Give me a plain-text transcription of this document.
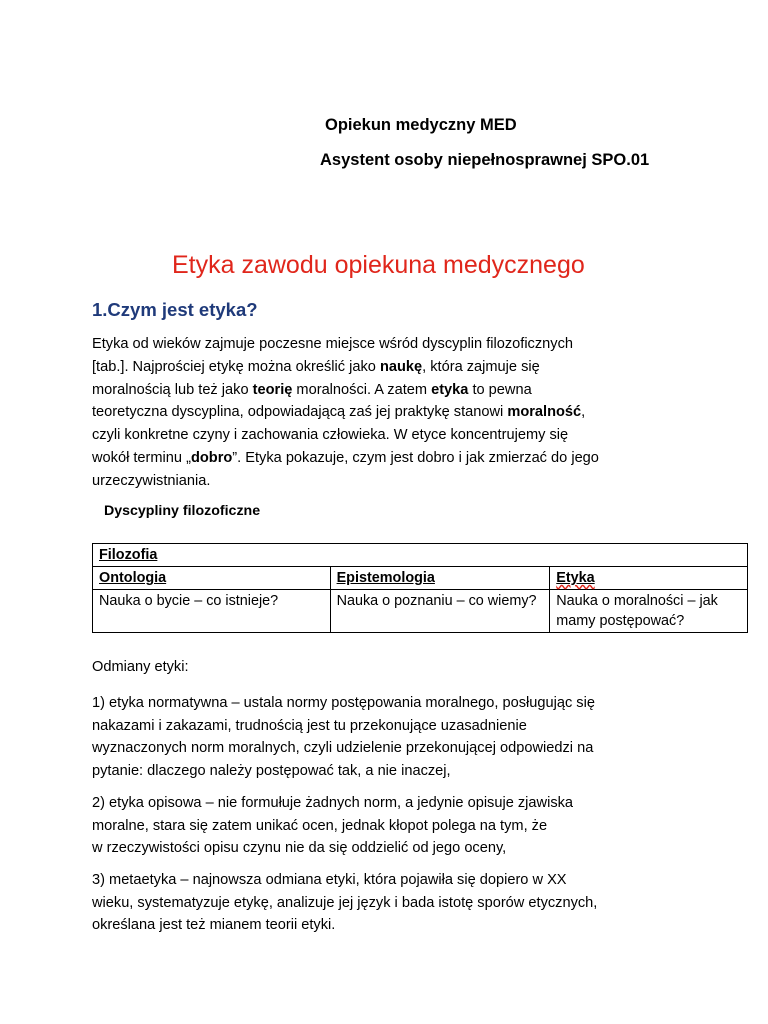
Opiekun medyczny MED
Asystent osoby niepełnosprawnej SPO.01
Etyka zawodu opiekuna medycznego
1.Czym jest etyka?
Etyka od wieków zajmuje poczesne miejsce wśród dyscyplin filozoficznych
[tab.]. Najprościej etykę można określić jako naukę, która zajmuje się
moralnością lub też jako teorię moralności. A zatem etyka to pewna
teoretyczna dyscyplina, odpowiadającą zaś jej praktykę stanowi moralność,
czyli konkretne czyny i zachowania człowieka. W etyce koncentrujemy się
wokół terminu „dobro”. Etyka pokazuje, czym jest dobro i jak zmierzać do jego
urzeczywistniania.
Dyscypliny filozoficzne
Filozofia		
Ontologia	Epistemologia	Etyka
Nauka o bycie – co istnieje?	Nauka o poznaniu – co wiemy?	Nauka o moralności – jak mamy postępować?
Odmiany etyki:
1) etyka normatywna – ustala normy postępowania moralnego, posługując się
nakazami i zakazami, trudnością jest tu przekonujące uzasadnienie
wyznaczonych norm moralnych, czyli udzielenie przekonującej odpowiedzi na
pytanie: dlaczego należy postępować tak, a nie inaczej,
2) etyka opisowa – nie formułuje żadnych norm, a jedynie opisuje zjawiska
moralne, stara się zatem unikać ocen, jednak kłopot polega na tym, że
w rzeczywistości opisu czynu nie da się oddzielić od jego oceny,
3) metaetyka – najnowsza odmiana etyki, która pojawiła się dopiero w XX
wieku, systematyzuje etykę, analizuje jej język i bada istotę sporów etycznych,
określana jest też mianem teorii etyki.
